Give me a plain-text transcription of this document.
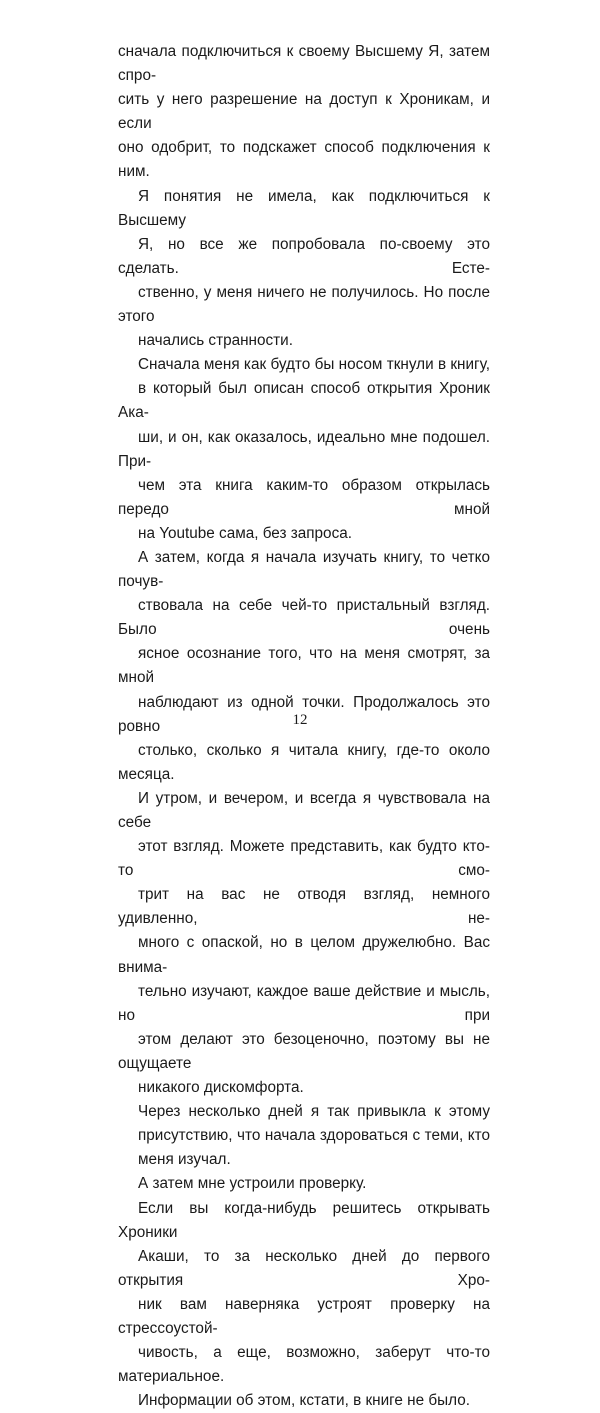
сначала подключиться к своему Высшему Я, затем спро-
сить у него разрешение на доступ к Хроникам, и если
оно одобрит, то подскажет способ подключения к ним.

Я понятия не имела, как подключиться к Высшему
Я, но все же попробовала по-своему это сделать. Есте-
ственно, у меня ничего не получилось. Но после этого
начались странности.

Сначала меня как будто бы носом ткнули в книгу,
в который был описан способ открытия Хроник Ака-
ши, и он, как оказалось, идеально мне подошел. При-
чем эта книга каким-то образом открылась передо мной
на Youtube сама, без запроса.

А затем, когда я начала изучать книгу, то четко почув-
ствовала на себе чей-то пристальный взгляд. Было очень
ясное осознание того, что на меня смотрят, за мной
наблюдают из одной точки. Продолжалось это ровно
столько, сколько я читала книгу, где-то около месяца.

И утром, и вечером, и всегда я чувствовала на себе
этот взгляд. Можете представить, как будто кто-то смо-
трит на вас не отводя взгляд, немного удивленно, не-
много с опаской, но в целом дружелюбно. Вас внима-
тельно изучают, каждое ваше действие и мысль, но при
этом делают это безоценочно, поэтому вы не ощущаете
никакого дискомфорта.

Через несколько дней я так привыкла к этому
присутствию, что начала здороваться с теми, кто
меня изучал.

А затем мне устроили проверку.

Если вы когда-нибудь решитесь открывать Хроники
Акаши, то за несколько дней до первого открытия Хро-
ник вам наверняка устроят проверку на стрессоустой-
чивость, а еще, возможно, заберут что-то материальное.
Информации об этом, кстати, в книге не было.

12
